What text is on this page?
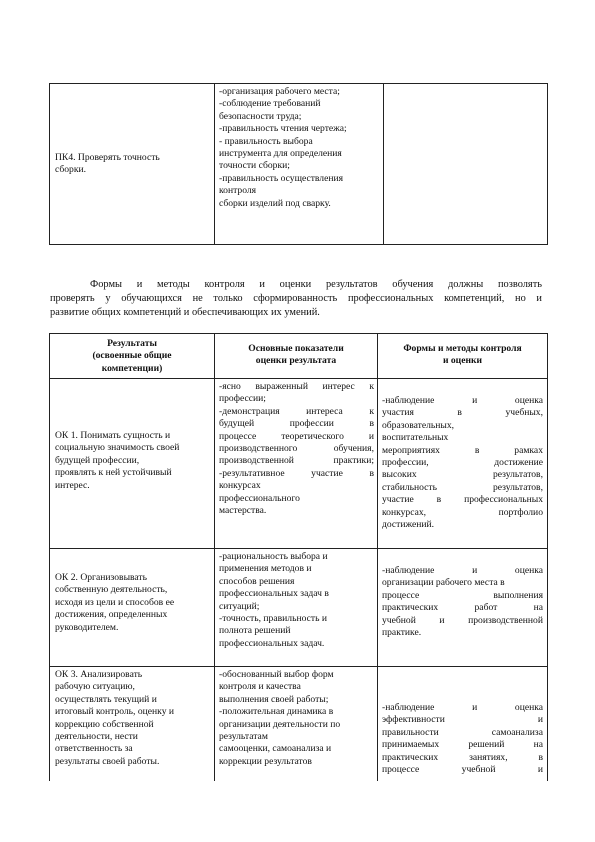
ПК4. Проверять точность
сборки.
-организация рабочего места;
-соблюдение требований
безопасности труда;
-правильность чтения чертежа;
- правильность выбора
инструмента для определения
точности сборки;
-правильность осуществления
контроля
сборки изделий под сварку.
Формы и методы контроля и оценки результатов обучения должны позволять
проверять у обучающихся не только сформированность профессиональных компетенций, но и
развитие общих компетенций и обеспечивающих их умений.
Результаты
(освоенные общие
компетенции)
Основные показатели
оценки результата
Формы и методы контроля
и оценки
ОК 1. Понимать сущность и
социальную значимость своей
будущей профессии,
проявлять к ней устойчивый
интерес.
-ясно выраженный интерес к
профессии;
-демонстрация интереса к
будущей профессии в
процессе теоретического и
производственного обучения,
производственной практики;
-результативное участие в
конкурсах
профессионального
мастерства.
-наблюдение и оценка
участия в учебных,
образовательных,
воспитательных
мероприятиях в рамках
профессии, достижение
высоких результатов,
стабильность результатов,
участие в профессиональных
конкурсах, портфолио
достижений.
ОК 2. Организовывать
собственную деятельность,
исходя из цели и способов ее
достижения, определенных
руководителем.
-рациональность выбора и
применения методов и
способов решения
профессиональных задач в
ситуаций;
-точность, правильность и
полнота решений
профессиональных задач.
-наблюдение и оценка
организации рабочего места в
процессе выполнения
практических работ на
учебной и производственной
практике.
ОК 3. Анализировать
рабочую ситуацию,
осуществлять текущий и
итоговый контроль, оценку и
коррекцию собственной
деятельности, нести
ответственность за
результаты своей работы.
-обоснованный выбор форм
контроля и качества
выполнения своей работы;
-положительная динамика в
организации деятельности по
результатам
самооценки, самоанализа и
коррекции результатов
-наблюдение и оценка
эффективности и
правильности самоанализа
принимаемых решений на
практических занятиях, в
процессе учебной и
